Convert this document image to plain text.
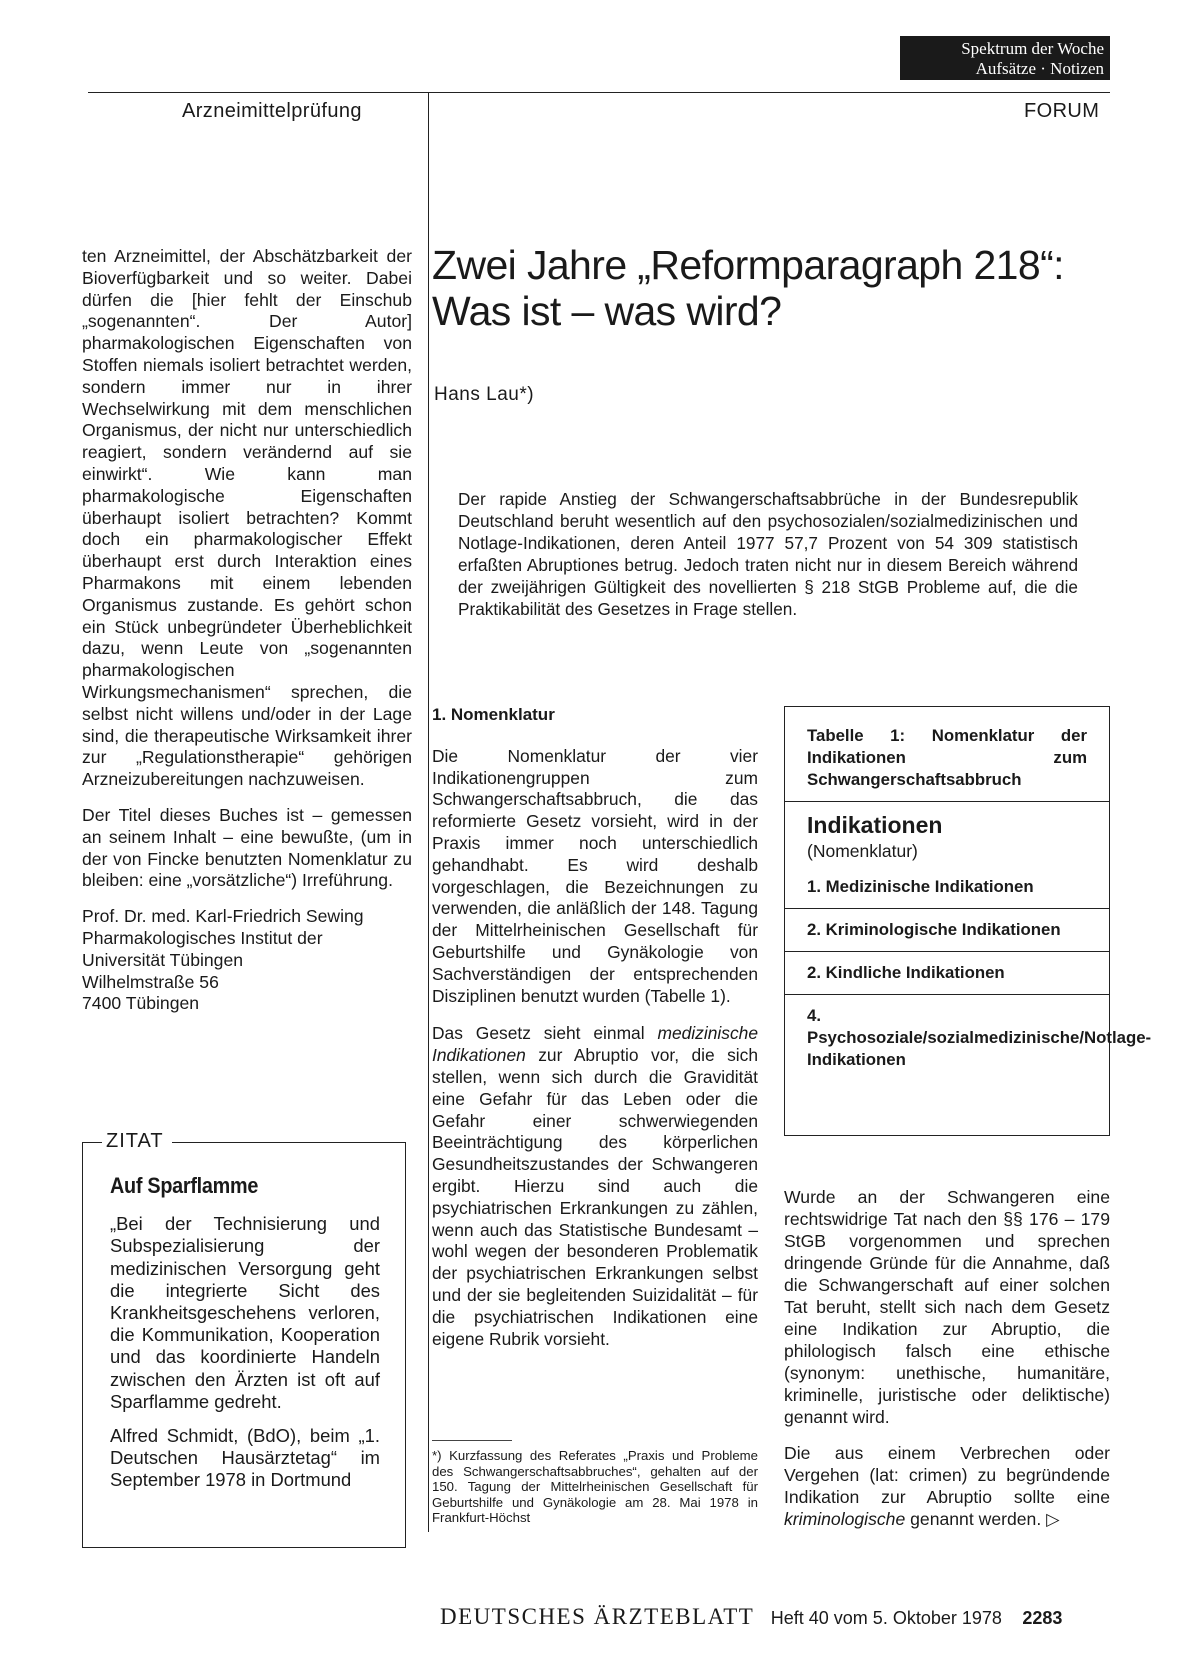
Spektrum der Woche
Aufsätze · Notizen
Arzneimittelprüfung	FORUM

ten Arzneimittel, der Abschätzbarkeit der Bioverfügbarkeit und so weiter. Dabei dürfen die [hier fehlt der Einschub „sogenannten“. Der Autor] pharmakologischen Eigenschaften von Stoffen niemals isoliert betrachtet werden, sondern immer nur in ihrer Wechselwirkung mit dem menschlichen Organismus, der nicht nur unterschiedlich reagiert, sondern verändernd auf sie einwirkt“. Wie kann man pharmakologische Eigenschaften überhaupt isoliert betrachten? Kommt doch ein pharmakologischer Effekt überhaupt erst durch Interaktion eines Pharmakons mit einem lebenden Organismus zustande. Es gehört schon ein Stück unbegründeter Überheblichkeit dazu, wenn Leute von „sogenannten pharmakologischen Wirkungsmechanismen“ sprechen, die selbst nicht willens und/oder in der Lage sind, die therapeutische Wirksamkeit ihrer zur „Regulationstherapie“ gehörigen Arzneizubereitungen nachzuweisen.

Der Titel dieses Buches ist – gemessen an seinem Inhalt – eine bewußte, (um in der von Fincke benutzten Nomenklatur zu bleiben: eine „vorsätzliche“) Irreführung.

Prof. Dr. med. Karl-Friedrich Sewing
Pharmakologisches Institut der
Universität Tübingen
Wilhelmstraße 56
7400 Tübingen
ZITAT
Auf Sparflamme

„Bei der Technisierung und Subspezialisierung der medizinischen Versorgung geht die integrierte Sicht des Krankheitsgeschehens verloren, die Kommunikation, Kooperation und das koordinierte Handeln zwischen den Ärzten ist oft auf Sparflamme gedreht.

Alfred Schmidt, (BdO), beim „1. Deutschen Hausärztetag“ im September 1978 in Dortmund

Zwei Jahre „Reformparagraph 218“:
Was ist – was wird?
Hans Lau*)
Der rapide Anstieg der Schwangerschaftsabbrüche in der Bundesrepublik Deutschland beruht wesentlich auf den psychosozialen/sozialmedizinischen und Notlage-Indikationen, deren Anteil 1977 57,7 Prozent von 54 309 statistisch erfaßten Abruptiones betrug. Jedoch traten nicht nur in diesem Bereich während der zweijährigen Gültigkeit des novellierten § 218 StGB Probleme auf, die die Praktikabilität des Gesetzes in Frage stellen.
1. Nomenklatur

Die Nomenklatur der vier Indikationengruppen zum Schwangerschaftsabbruch, die das reformierte Gesetz vorsieht, wird in der Praxis immer noch unterschiedlich gehandhabt. Es wird deshalb vorgeschlagen, die Bezeichnungen zu verwenden, die anläßlich der 148. Tagung der Mittelrheinischen Gesellschaft für Geburtshilfe und Gynäkologie von Sachverständigen der entsprechenden Disziplinen benutzt wurden (Tabelle 1).

Das Gesetz sieht einmal medizinische Indikationen zur Abruptio vor, die sich stellen, wenn sich durch die Gravidität eine Gefahr für das Leben oder die Gefahr einer schwerwiegenden Beeinträchtigung des körperlichen Gesundheitszustandes der Schwangeren ergibt. Hierzu sind auch die psychiatrischen Erkrankungen zu zählen, wenn auch das Statistische Bundesamt – wohl wegen der besonderen Problematik der psychiatrischen Erkrankungen selbst und der sie begleitenden Suizidalität – für die psychiatrischen Indikationen eine eigene Rubrik vorsieht.

*) Kurzfassung des Referates „Praxis und Probleme des Schwangerschaftsabbruches“, gehalten auf der 150. Tagung der Mittelrheinischen Gesellschaft für Geburtshilfe und Gynäkologie am 28. Mai 1978 in Frankfurt-Höchst
Tabelle 1: Nomenklatur der Indikationen zum Schwangerschaftsabbruch
Indikationen
(Nomenklatur)
1. Medizinische Indikationen
2. Kriminologische Indikationen
2. Kindliche Indikationen
4. Psychosoziale/sozialmedizinische/Notlage-Indikationen

Wurde an der Schwangeren eine rechtswidrige Tat nach den §§ 176 – 179 StGB vorgenommen und sprechen dringende Gründe für die Annahme, daß die Schwangerschaft auf einer solchen Tat beruht, stellt sich nach dem Gesetz eine Indikation zur Abruptio, die philologisch falsch eine ethische (synonym: unethische, humanitäre, kriminelle, juristische oder deliktische) genannt wird.

Die aus einem Verbrechen oder Vergehen (lat: crimen) zu begründende Indikation zur Abruptio sollte eine kriminologische genannt werden. ▷

DEUTSCHES ÄRZTEBLATT Heft 40 vom 5. Oktober 1978 2283
